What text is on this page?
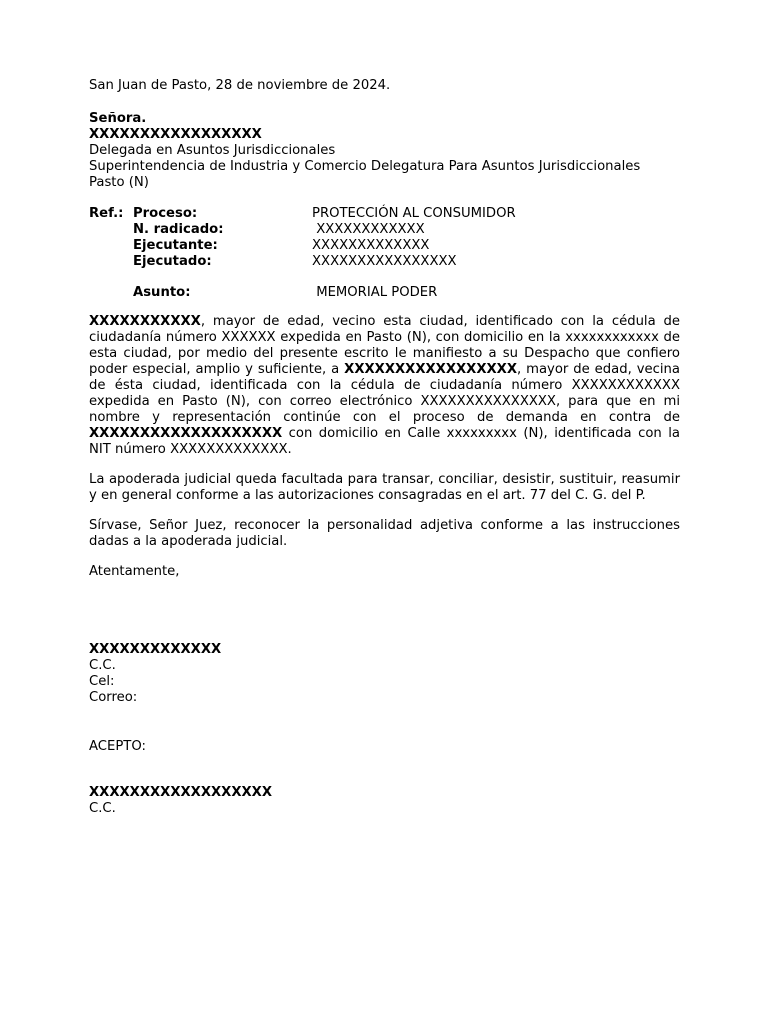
San Juan de Pasto, 28 de noviembre de 2024.
Señora.
XXXXXXXXXXXXXXXXX
Delegada en Asuntos Jurisdiccionales
Superintendencia de Industria y Comercio Delegatura Para Asuntos Jurisdiccionales
Pasto (N)
Ref.: Proceso:	PROTECCIÓN AL CONSUMIDOR
N. radicado:	XXXXXXXXXXXX
Ejecutante:	XXXXXXXXXXXXX
Ejecutado:	XXXXXXXXXXXXXXXX
Asunto:	MEMORIAL PODER
XXXXXXXXXXX, mayor de edad, vecino esta ciudad, identificado con la cédula de ciudadanía número XXXXXX expedida en Pasto (N), con domicilio en la xxxxxxxxxxxx de esta ciudad, por medio del presente escrito le manifiesto a su Despacho que confiero poder especial, amplio y suficiente, a XXXXXXXXXXXXXXXXX, mayor de edad, vecina de ésta ciudad, identificada con la cédula de ciudadanía número XXXXXXXXXXXX expedida en Pasto (N), con correo electrónico XXXXXXXXXXXXXXX, para que en mi nombre y representación continúe con el proceso de demanda en contra de XXXXXXXXXXXXXXXXXXX con domicilio en Calle xxxxxxxxx (N), identificada con la NIT número XXXXXXXXXXXXX.
La apoderada judicial queda facultada para transar, conciliar, desistir, sustituir, reasumir y en general conforme a las autorizaciones consagradas en el art. 77 del C. G. del P.
Sírvase, Señor Juez, reconocer la personalidad adjetiva conforme a las instrucciones dadas a la apoderada judicial.
Atentamente,
XXXXXXXXXXXXX
C.C.
Cel:
Correo:
ACEPTO:
XXXXXXXXXXXXXXXXXX
C.C.
